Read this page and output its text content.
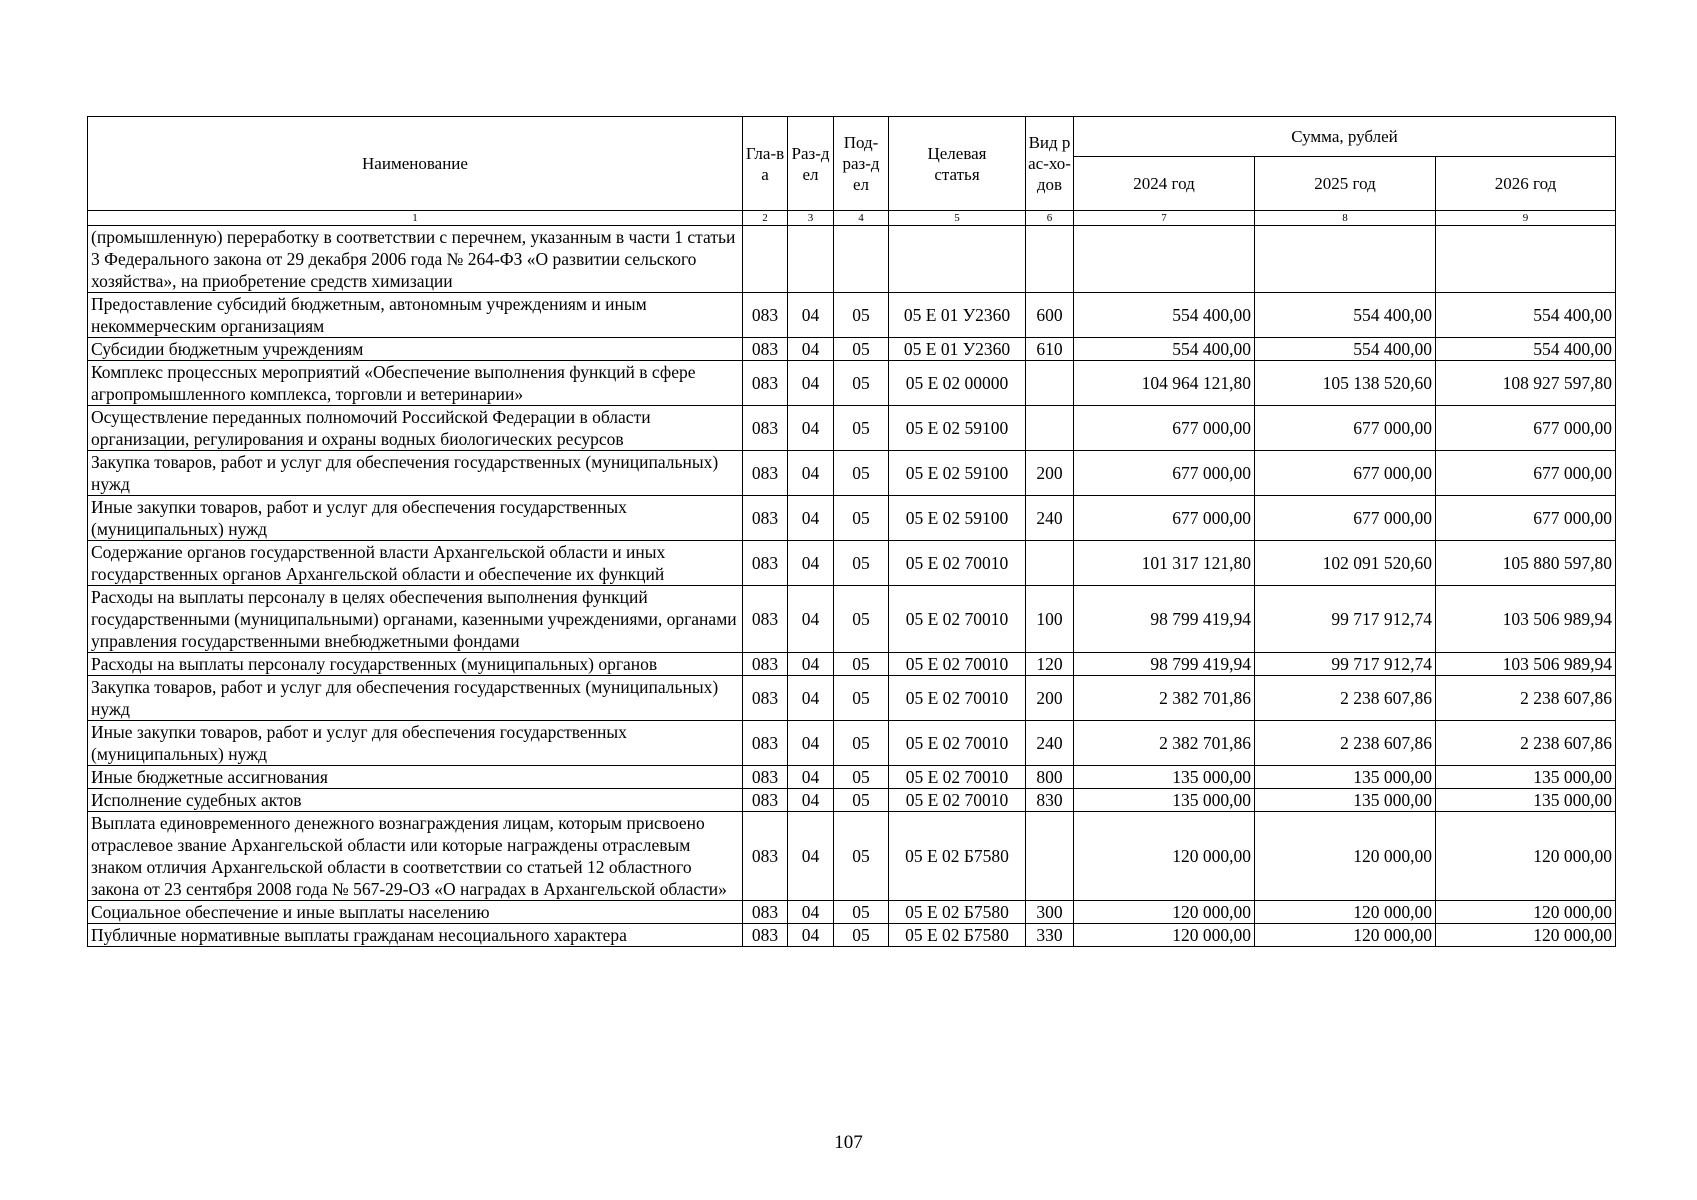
Наименование	Гла-ва	Раз-дел	Под-раз-дел	Целевая статья	Вид рас-хо-дов	Сумма, рублей		
						2024 год	2025 год	2026 год
1	2	3	4	5	6	7	8	9
(промышленную) переработку в соответствии с перечнем, указанным в части 1 статьи 3 Федерального закона от 29 декабря 2006 года № 264-ФЗ «О развитии сельского хозяйства», на приобретение средств химизации								
Предоставление субсидий бюджетным, автономным учреждениям и иным некоммерческим организациям	083	04	05	05 Е 01 У2360	600	554 400,00	554 400,00	554 400,00
Субсидии бюджетным учреждениям	083	04	05	05 Е 01 У2360	610	554 400,00	554 400,00	554 400,00
Комплекс процессных мероприятий «Обеспечение выполнения функций в сфере агропромышленного комплекса, торговли и ветеринарии»	083	04	05	05 Е 02 00000		104 964 121,80	105 138 520,60	108 927 597,80
Осуществление переданных полномочий Российской Федерации в области организации, регулирования и охраны водных биологических ресурсов	083	04	05	05 Е 02 59100		677 000,00	677 000,00	677 000,00
Закупка товаров, работ и услуг для обеспечения государственных (муниципальных) нужд	083	04	05	05 Е 02 59100	200	677 000,00	677 000,00	677 000,00
Иные закупки товаров, работ и услуг для обеспечения государственных (муниципальных) нужд	083	04	05	05 Е 02 59100	240	677 000,00	677 000,00	677 000,00
Содержание органов государственной власти Архангельской области и иных государственных органов Архангельской области и обеспечение их функций	083	04	05	05 Е 02 70010		101 317 121,80	102 091 520,60	105 880 597,80
Расходы на выплаты персоналу в целях обеспечения выполнения функций государственными (муниципальными) органами, казенными учреждениями, органами управления государственными внебюджетными фондами	083	04	05	05 Е 02 70010	100	98 799 419,94	99 717 912,74	103 506 989,94
Расходы на выплаты персоналу государственных (муниципальных) органов	083	04	05	05 Е 02 70010	120	98 799 419,94	99 717 912,74	103 506 989,94
Закупка товаров, работ и услуг для обеспечения государственных (муниципальных) нужд	083	04	05	05 Е 02 70010	200	2 382 701,86	2 238 607,86	2 238 607,86
Иные закупки товаров, работ и услуг для обеспечения государственных (муниципальных) нужд	083	04	05	05 Е 02 70010	240	2 382 701,86	2 238 607,86	2 238 607,86
Иные бюджетные ассигнования	083	04	05	05 Е 02 70010	800	135 000,00	135 000,00	135 000,00
Исполнение судебных актов	083	04	05	05 Е 02 70010	830	135 000,00	135 000,00	135 000,00
Выплата единовременного денежного вознаграждения лицам, которым присвоено отраслевое звание Архангельской области или которые награждены отраслевым знаком отличия Архангельской области в соответствии со статьей 12 областного закона от 23 сентября 2008 года № 567-29-ОЗ «О наградах в Архангельской области»	083	04	05	05 Е 02 Б7580		120 000,00	120 000,00	120 000,00
Социальное обеспечение и иные выплаты населению	083	04	05	05 Е 02 Б7580	300	120 000,00	120 000,00	120 000,00
Публичные нормативные выплаты гражданам несоциального характера	083	04	05	05 Е 02 Б7580	330	120 000,00	120 000,00	120 000,00
107
